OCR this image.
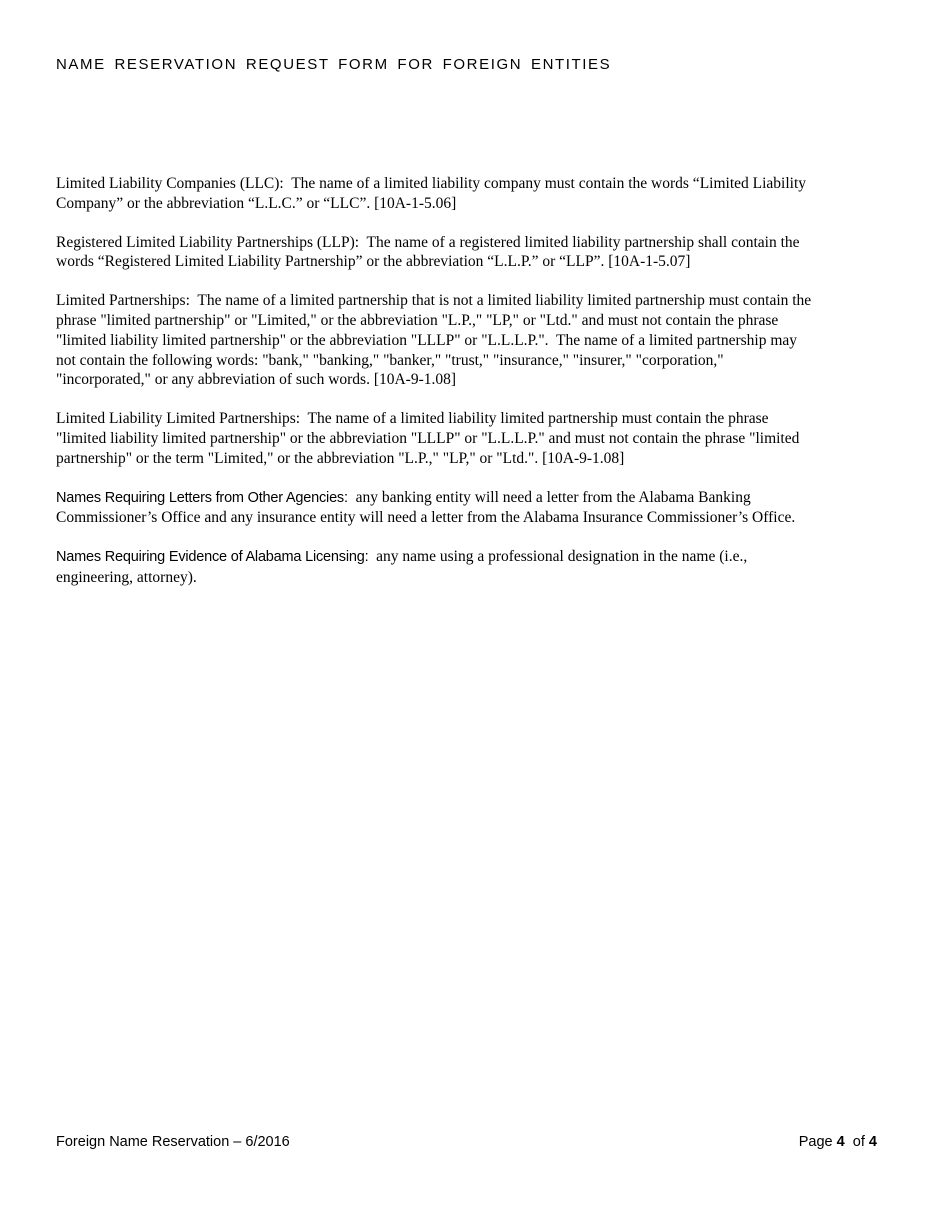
NAME RESERVATION REQUEST FORM FOR FOREIGN ENTITIES
Limited Liability Companies (LLC):  The name of a limited liability company must contain the words “Limited Liability
Company” or the abbreviation “L.L.C.” or “LLC”. [10A-1-5.06]
Registered Limited Liability Partnerships (LLP):  The name of a registered limited liability partnership shall contain the
words “Registered Limited Liability Partnership” or the abbreviation “L.L.P.” or “LLP”. [10A-1-5.07]
Limited Partnerships:  The name of a limited partnership that is not a limited liability limited partnership must contain the
phrase "limited partnership" or "Limited," or the abbreviation "L.P.," "LP," or "Ltd." and must not contain the phrase
"limited liability limited partnership" or the abbreviation "LLLP" or "L.L.L.P.".  The name of a limited partnership may
not contain the following words: "bank," "banking," "banker," "trust," "insurance," "insurer," "corporation,"
"incorporated," or any abbreviation of such words. [10A-9-1.08]
Limited Liability Limited Partnerships:  The name of a limited liability limited partnership must contain the phrase
"limited liability limited partnership" or the abbreviation "LLLP" or "L.L.L.P." and must not contain the phrase "limited
partnership" or the term "Limited," or the abbreviation "L.P.," "LP," or "Ltd.". [10A-9-1.08]
Names Requiring Letters from Other Agencies:  any banking entity will need a letter from the Alabama Banking
Commissioner’s Office and any insurance entity will need a letter from the Alabama Insurance Commissioner’s Office.
Names Requiring Evidence of Alabama Licensing:  any name using a professional designation in the name (i.e.,
engineering, attorney).
Foreign Name Reservation – 6/2016	Page 4  of 4
